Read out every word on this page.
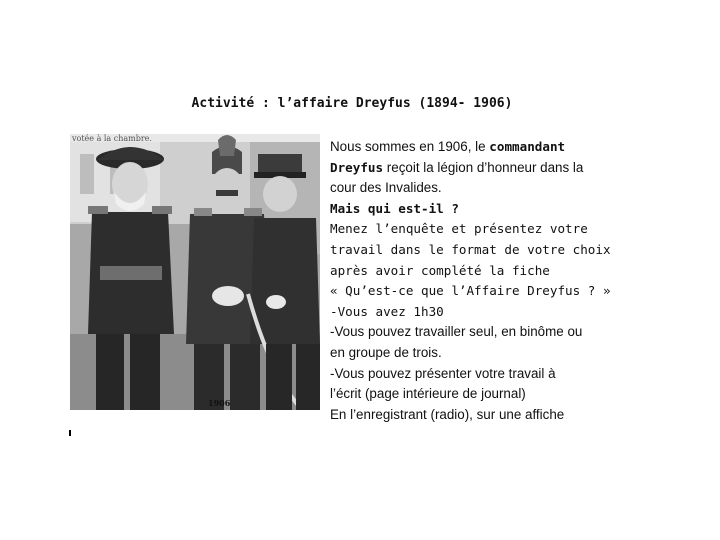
Activité : l’affaire Dreyfus (1894- 1906)
votée à la chambre.
1906
Nous sommes en 1906, le commandant
Dreyfus reçoit la légion d’honneur dans la
cour des Invalides.
Mais qui est-il ?
Menez l’enquête et présentez votre
travail dans le format de votre choix
après avoir complété la fiche
« Qu’est-ce que l’Affaire Dreyfus ? »
-Vous avez 1h30
-Vous pouvez travailler seul, en binôme ou
en groupe de trois.
-Vous pouvez présenter votre travail à
l’écrit (page intérieure de journal)
En l’enregistrant (radio), sur une affiche
